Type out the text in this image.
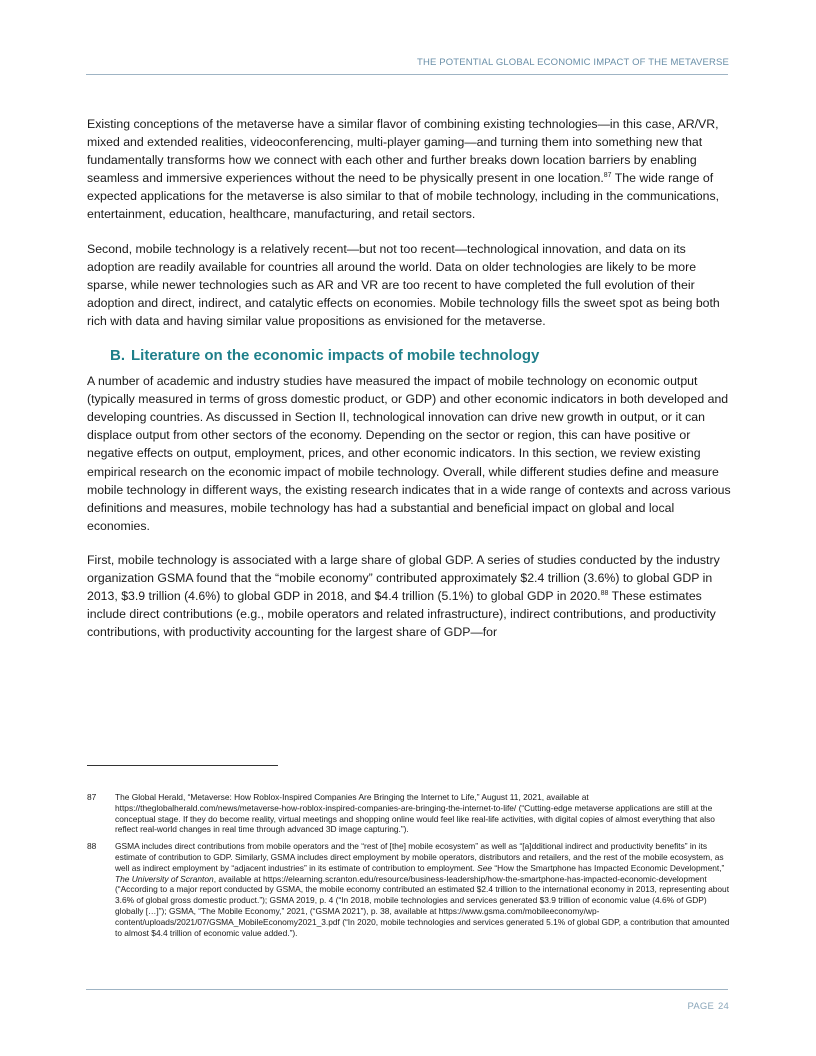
THE POTENTIAL GLOBAL ECONOMIC IMPACT OF THE METAVERSE

Existing conceptions of the metaverse have a similar flavor of combining existing technologies—in this case, AR/VR, mixed and extended realities, videoconferencing, multi-player gaming—and turning them into something new that fundamentally transforms how we connect with each other and further breaks down location barriers by enabling seamless and immersive experiences without the need to be physically present in one location.$^{87}$ The wide range of expected applications for the metaverse is also similar to that of mobile technology, including in the communications, entertainment, education, healthcare, manufacturing, and retail sectors.

Second, mobile technology is a relatively recent—but not too recent—technological innovation, and data on its adoption are readily available for countries all around the world. Data on older technologies are likely to be more sparse, while newer technologies such as AR and VR are too recent to have completed the full evolution of their adoption and direct, indirect, and catalytic effects on economies. Mobile technology fills the sweet spot as being both rich with data and having similar value propositions as envisioned for the metaverse.

B. Literature on the economic impacts of mobile technology

A number of academic and industry studies have measured the impact of mobile technology on economic output (typically measured in terms of gross domestic product, or GDP) and other economic indicators in both developed and developing countries. As discussed in Section II, technological innovation can drive new growth in output, or it can displace output from other sectors of the economy. Depending on the sector or region, this can have positive or negative effects on output, employment, prices, and other economic indicators. In this section, we review existing empirical research on the economic impact of mobile technology. Overall, while different studies define and measure mobile technology in different ways, the existing research indicates that in a wide range of contexts and across various definitions and measures, mobile technology has had a substantial and beneficial impact on global and local economies.

First, mobile technology is associated with a large share of global GDP. A series of studies conducted by the industry organization GSMA found that the “mobile economy” contributed approximately $2.4 trillion (3.6%) to global GDP in 2013, $3.9 trillion (4.6%) to global GDP in 2018, and $4.4 trillion (5.1%) to global GDP in 2020.88 These estimates include direct contributions (e.g., mobile operators and related infrastructure), indirect contributions, and productivity contributions, with productivity accounting for the largest share of GDP—for

87	The Global Herald, “Metaverse: How Roblox-Inspired Companies Are Bringing the Internet to Life,” August 11, 2021, available at https://theglobalherald.com/news/metaverse-how-roblox-inspired-companies-are-bringing-the-internet-to-life/ (“Cutting-edge metaverse applications are still at the conceptual stage. If they do become reality, virtual meetings and shopping online would feel like real-life activities, with digital copies of almost everything that also reflect real-world changes in real time through advanced 3D image capturing.”).
88	GSMA includes direct contributions from mobile operators and the “rest of [the] mobile ecosystem” as well as “[a]dditional indirect and productivity benefits” in its estimate of contribution to GDP. Similarly, GSMA includes direct employment by mobile operators, distributors and retailers, and the rest of the mobile ecosystem, as well as indirect employment by “adjacent industries” in its estimate of contribution to employment. See “How the Smartphone has Impacted Economic Development,” The University of Scranton, available at https://elearning.scranton.edu/resource/business-leadership/how-the-smartphone-has-impacted-economic-development (“According to a major report conducted by GSMA, the mobile economy contributed an estimated $2.4 trillion to the international economy in 2013, representing about 3.6% of global gross domestic product.”); GSMA 2019, p. 4 (“In 2018, mobile technologies and services generated $3.9 trillion of economic value (4.6% of GDP) globally […]”); GSMA, “The Mobile Economy,” 2021, (“GSMA 2021”), p. 38, available at https://www.gsma.com/mobileeconomy/wp-content/uploads/2021/07/GSMA_MobileEconomy2021_3.pdf (“In 2020, mobile technologies and services generated 5.1% of global GDP, a contribution that amounted to almost $4.4 trillion of economic value added.”).
PAGE 24
